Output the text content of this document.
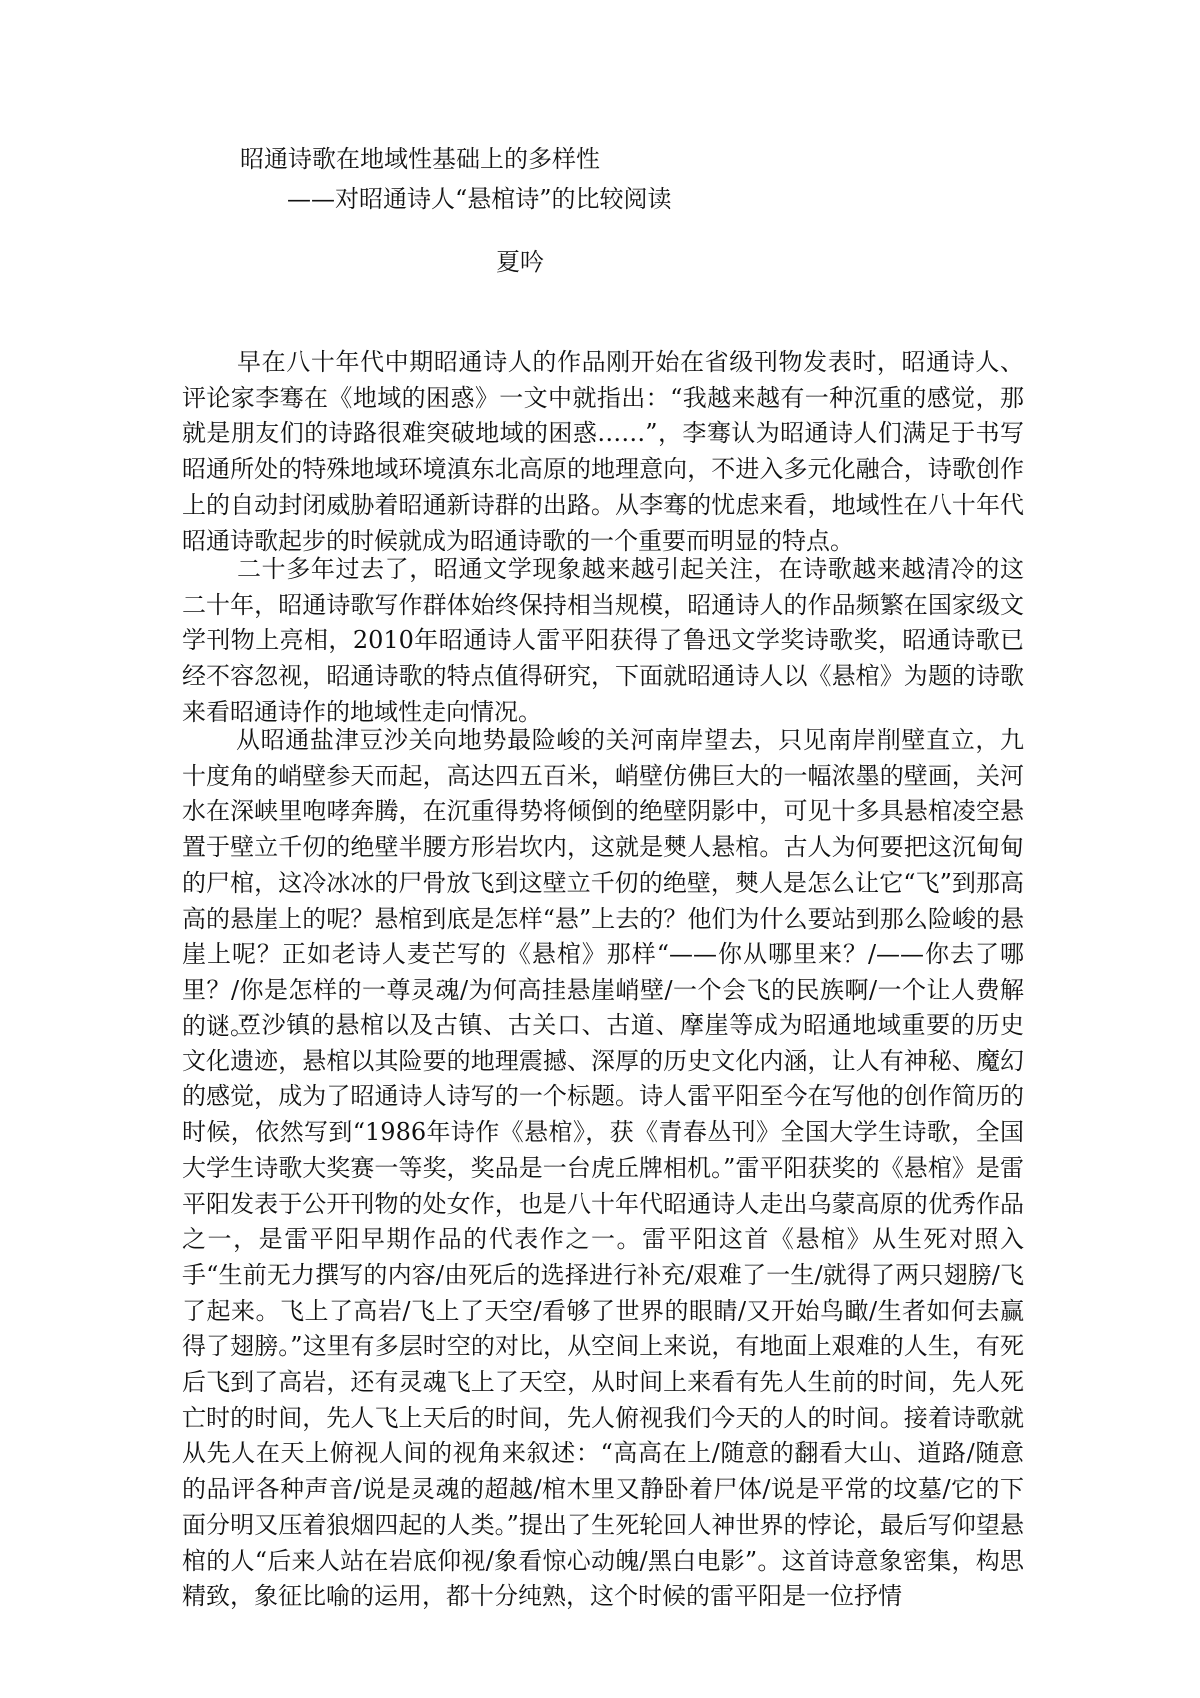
昭通诗歌在地域性基础上的多样性
——对昭通诗人“悬棺诗”的比较阅读
夏吟

早在八十年代中期昭通诗人的作品刚开始在省级刊物发表时，昭通诗人、评论家李骞在《地域的困惑》一文中就指出：“我越来越有一种沉重的感觉，那就是朋友们的诗路很难突破地域的困惑……”，李骞认为昭通诗人们满足于书写昭通所处的特殊地域环境滇东北高原的地理意向，不进入多元化融合，诗歌创作上的自动封闭威胁着昭通新诗群的出路。从李骞的忧虑来看，地域性在八十年代昭通诗歌起步的时候就成为昭通诗歌的一个重要而明显的特点。

二十多年过去了，昭通文学现象越来越引起关注，在诗歌越来越清冷的这二十年，昭通诗歌写作群体始终保持相当规模，昭通诗人的作品频繁在国家级文学刊物上亮相，2010年昭通诗人雷平阳获得了鲁迅文学奖诗歌奖，昭通诗歌已经不容忽视，昭通诗歌的特点值得研究，下面就昭通诗人以《悬棺》为题的诗歌来看昭通诗作的地域性走向情况。

从昭通盐津豆沙关向地势最险峻的关河南岸望去，只见南岸削壁直立，九十度角的峭壁参天而起，高达四五百米，峭壁仿佛巨大的一幅浓墨的壁画，关河水在深峡里咆哮奔腾，在沉重得势将倾倒的绝壁阴影中，可见十多具悬棺凌空悬置于壁立千仞的绝壁半腰方形岩坎内，这就是僰人悬棺。古人为何要把这沉甸甸的尸棺，这冷冰冰的尸骨放飞到这壁立千仞的绝壁，僰人是怎么让它“飞”到那高高的悬崖上的呢？悬棺到底是怎样“悬”上去的？他们为什么要站到那么险峻的悬崖上呢？正如老诗人麦芒写的《悬棺》那样“——你从哪里来？/——你去了哪里？/你是怎样的一尊灵魂/为何高挂悬崖峭壁/一个会飞的民族啊/一个让人费解的谜。”

豆沙镇的悬棺以及古镇、古关口、古道、摩崖等成为昭通地域重要的历史文化遗迹，悬棺以其险要的地理震撼、深厚的历史文化内涵，让人有神秘、魔幻的感觉，成为了昭通诗人诗写的一个标题。诗人雷平阳至今在写他的创作简历的时候，依然写到“1986年诗作《悬棺》，获《青春丛刊》全国大学生诗歌，全国大学生诗歌大奖赛一等奖，奖品是一台虎丘牌相机。”雷平阳获奖的《悬棺》是雷平阳发表于公开刊物的处女作，也是八十年代昭通诗人走出乌蒙高原的优秀作品之一，是雷平阳早期作品的代表作之一。雷平阳这首《悬棺》从生死对照入手“生前无力撰写的内容/由死后的选择进行补充/艰难了一生/就得了两只翅膀/飞了起来。飞上了高岩/飞上了天空/看够了世界的眼睛/又开始鸟瞰/生者如何去赢得了翅膀。”这里有多层时空的对比，从空间上来说，有地面上艰难的人生，有死后飞到了高岩，还有灵魂飞上了天空，从时间上来看有先人生前的时间，先人死亡时的时间，先人飞上天后的时间，先人俯视我们今天的人的时间。接着诗歌就从先人在天上俯视人间的视角来叙述：“高高在上/随意的翻看大山、道路/随意的品评各种声音/说是灵魂的超越/棺木里又静卧着尸体/说是平常的坟墓/它的下面分明又压着狼烟四起的人类。”提出了生死轮回人神世界的悖论，最后写仰望悬棺的人“后来人站在岩底仰视/象看惊心动魄/黑白电影”。这首诗意象密集，构思精致，象征比喻的运用，都十分纯熟，这个时候的雷平阳是一位抒情
